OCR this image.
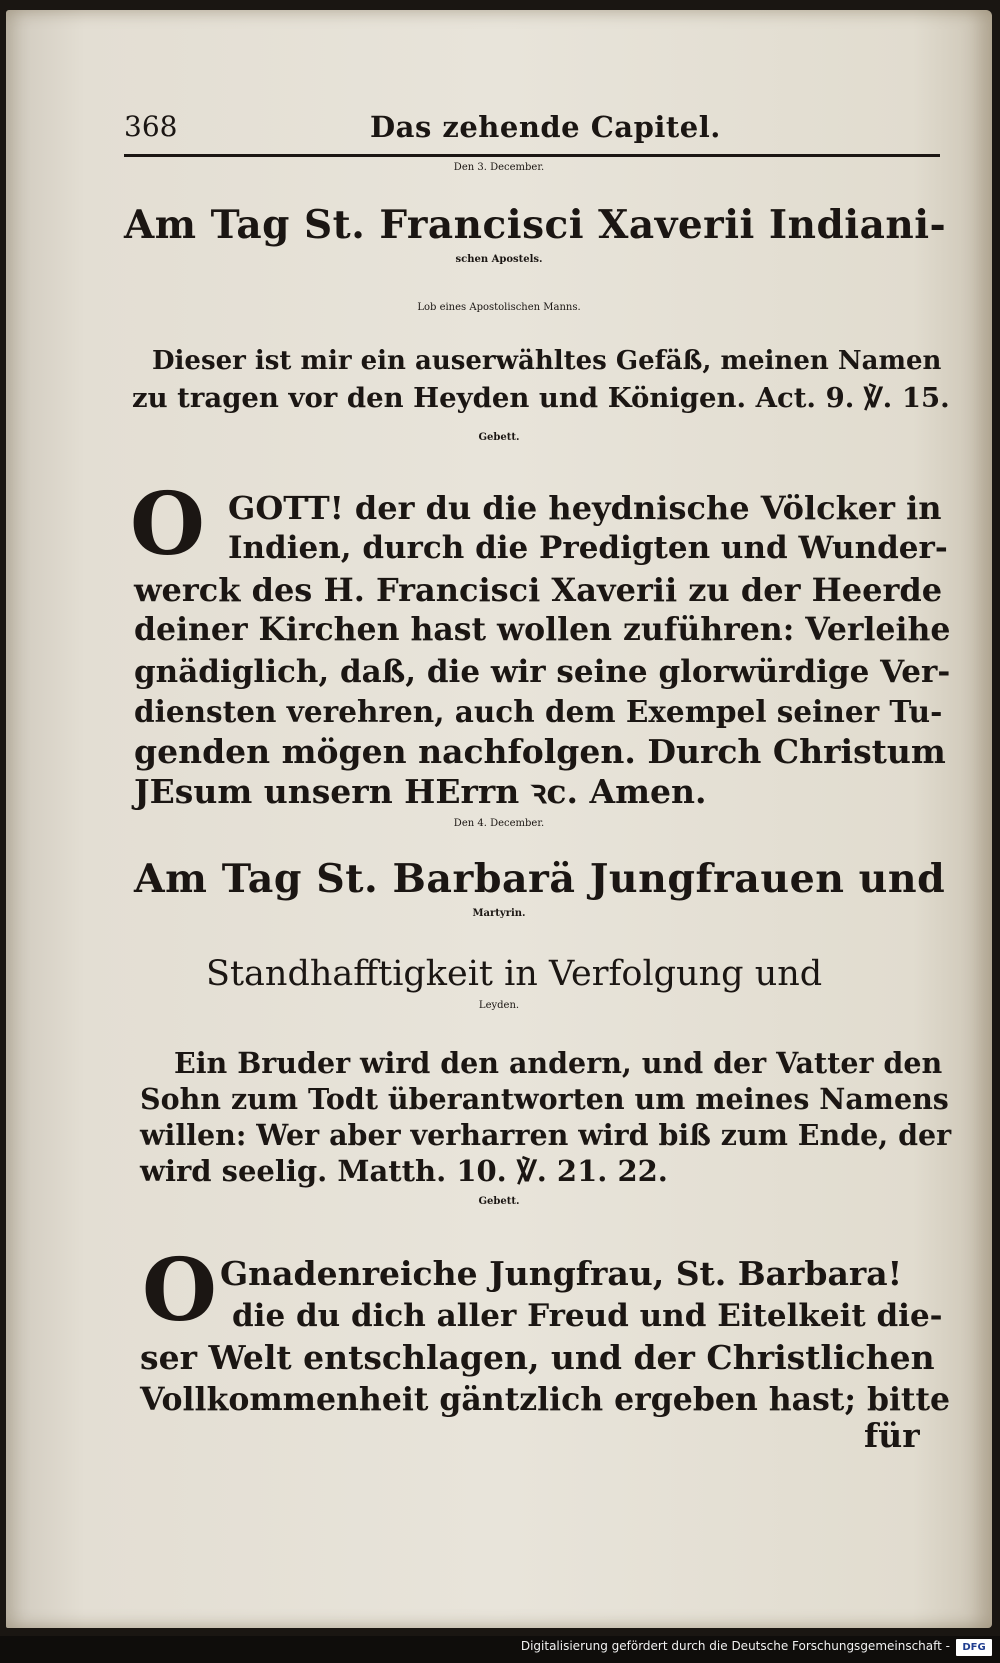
368	Das zehende Capitel.
Den 3. December.
Am Tag St. Francisci Xaverii Indiani-
schen Apostels.
Lob eines Apostolischen Manns.
Dieser ist mir ein auserwähltes Gefäß, meinen Namen
zu tragen vor den Heyden und Königen. Act. 9. ℣. 15.
Gebett.
O GOTT! der du die heydnische Völcker in
Indien, durch die Predigten und Wunder-
werck des H. Francisci Xaverii zu der Heerde
deiner Kirchen hast wollen zuführen: Verleihe
gnädiglich, daß, die wir seine glorwürdige Ver-
diensten verehren, auch dem Exempel seiner Tu-
genden mögen nachfolgen. Durch Christum
JEsum unsern HErrn ꝛc. Amen.
Den 4. December.
Am Tag St. Barbarä Jungfrauen und
Martyrin.
Standhafftigkeit in Verfolgung und
Leyden.
Ein Bruder wird den andern, und der Vatter den
Sohn zum Todt überantworten um meines Namens
willen: Wer aber verharren wird biß zum Ende, der
wird seelig. Matth. 10. ℣. 21. 22.
Gebett.
O Gnadenreiche Jungfrau, St. Barbara!
die du dich aller Freud und Eitelkeit die-
ser Welt entschlagen, und der Christlichen
Vollkommenheit gäntzlich ergeben hast; bitte
für
Digitalisierung gefördert durch die Deutsche Forschungsgemeinschaft -	DFG
